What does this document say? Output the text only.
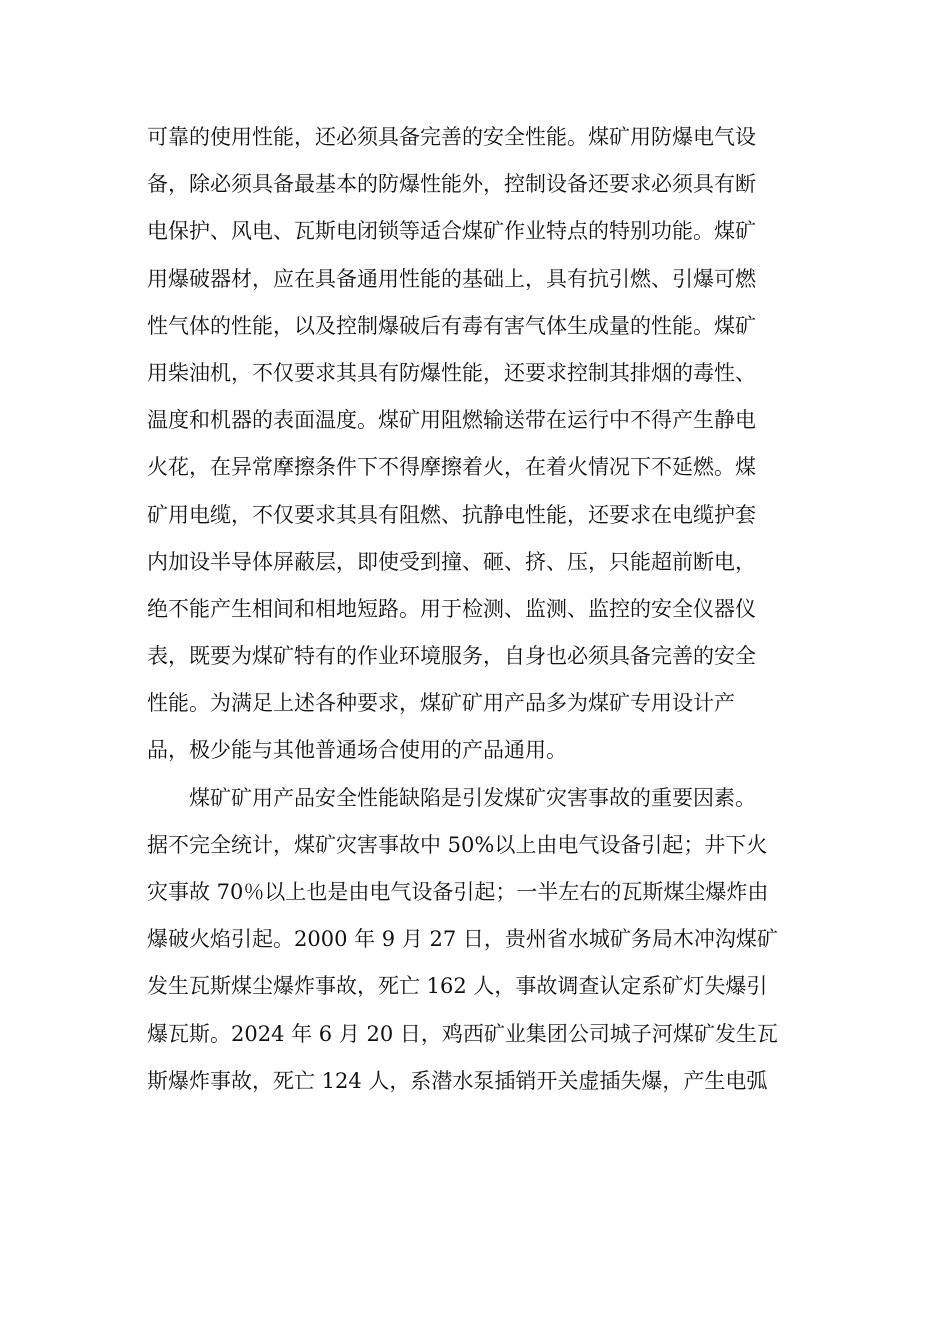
可靠的使用性能，还必须具备完善的安全性能。煤矿用防爆电气设
备，除必须具备最基本的防爆性能外，控制设备还要求必须具有断
电保护、风电、瓦斯电闭锁等适合煤矿作业特点的特别功能。煤矿
用爆破器材，应在具备通用性能的基础上，具有抗引燃、引爆可燃
性气体的性能，以及控制爆破后有毒有害气体生成量的性能。煤矿
用柴油机，不仅要求其具有防爆性能，还要求控制其排烟的毒性、
温度和机器的表面温度。煤矿用阻燃输送带在运行中不得产生静电
火花，在异常摩擦条件下不得摩擦着火，在着火情况下不延燃。煤
矿用电缆，不仅要求其具有阻燃、抗静电性能，还要求在电缆护套
内加设半导体屏蔽层，即使受到撞、砸、挤、压，只能超前断电，
绝不能产生相间和相地短路。用于检测、监测、监控的安全仪器仪
表，既要为煤矿特有的作业环境服务，自身也必须具备完善的安全
性能。为满足上述各种要求，煤矿矿用产品多为煤矿专用设计产
品，极少能与其他普通场合使用的产品通用。
煤矿矿用产品安全性能缺陷是引发煤矿灾害事故的重要因素。
据不完全统计，煤矿灾害事故中 50%以上由电气设备引起；井下火
灾事故 70％以上也是由电气设备引起；一半左右的瓦斯煤尘爆炸由
爆破火焰引起。2000 年 9 月 27 日，贵州省水城矿务局木冲沟煤矿
发生瓦斯煤尘爆炸事故，死亡 162 人，事故调查认定系矿灯失爆引
爆瓦斯。2024 年 6 月 20 日，鸡西矿业集团公司城子河煤矿发生瓦
斯爆炸事故，死亡 124 人，系潜水泵插销开关虚插失爆，产生电弧
